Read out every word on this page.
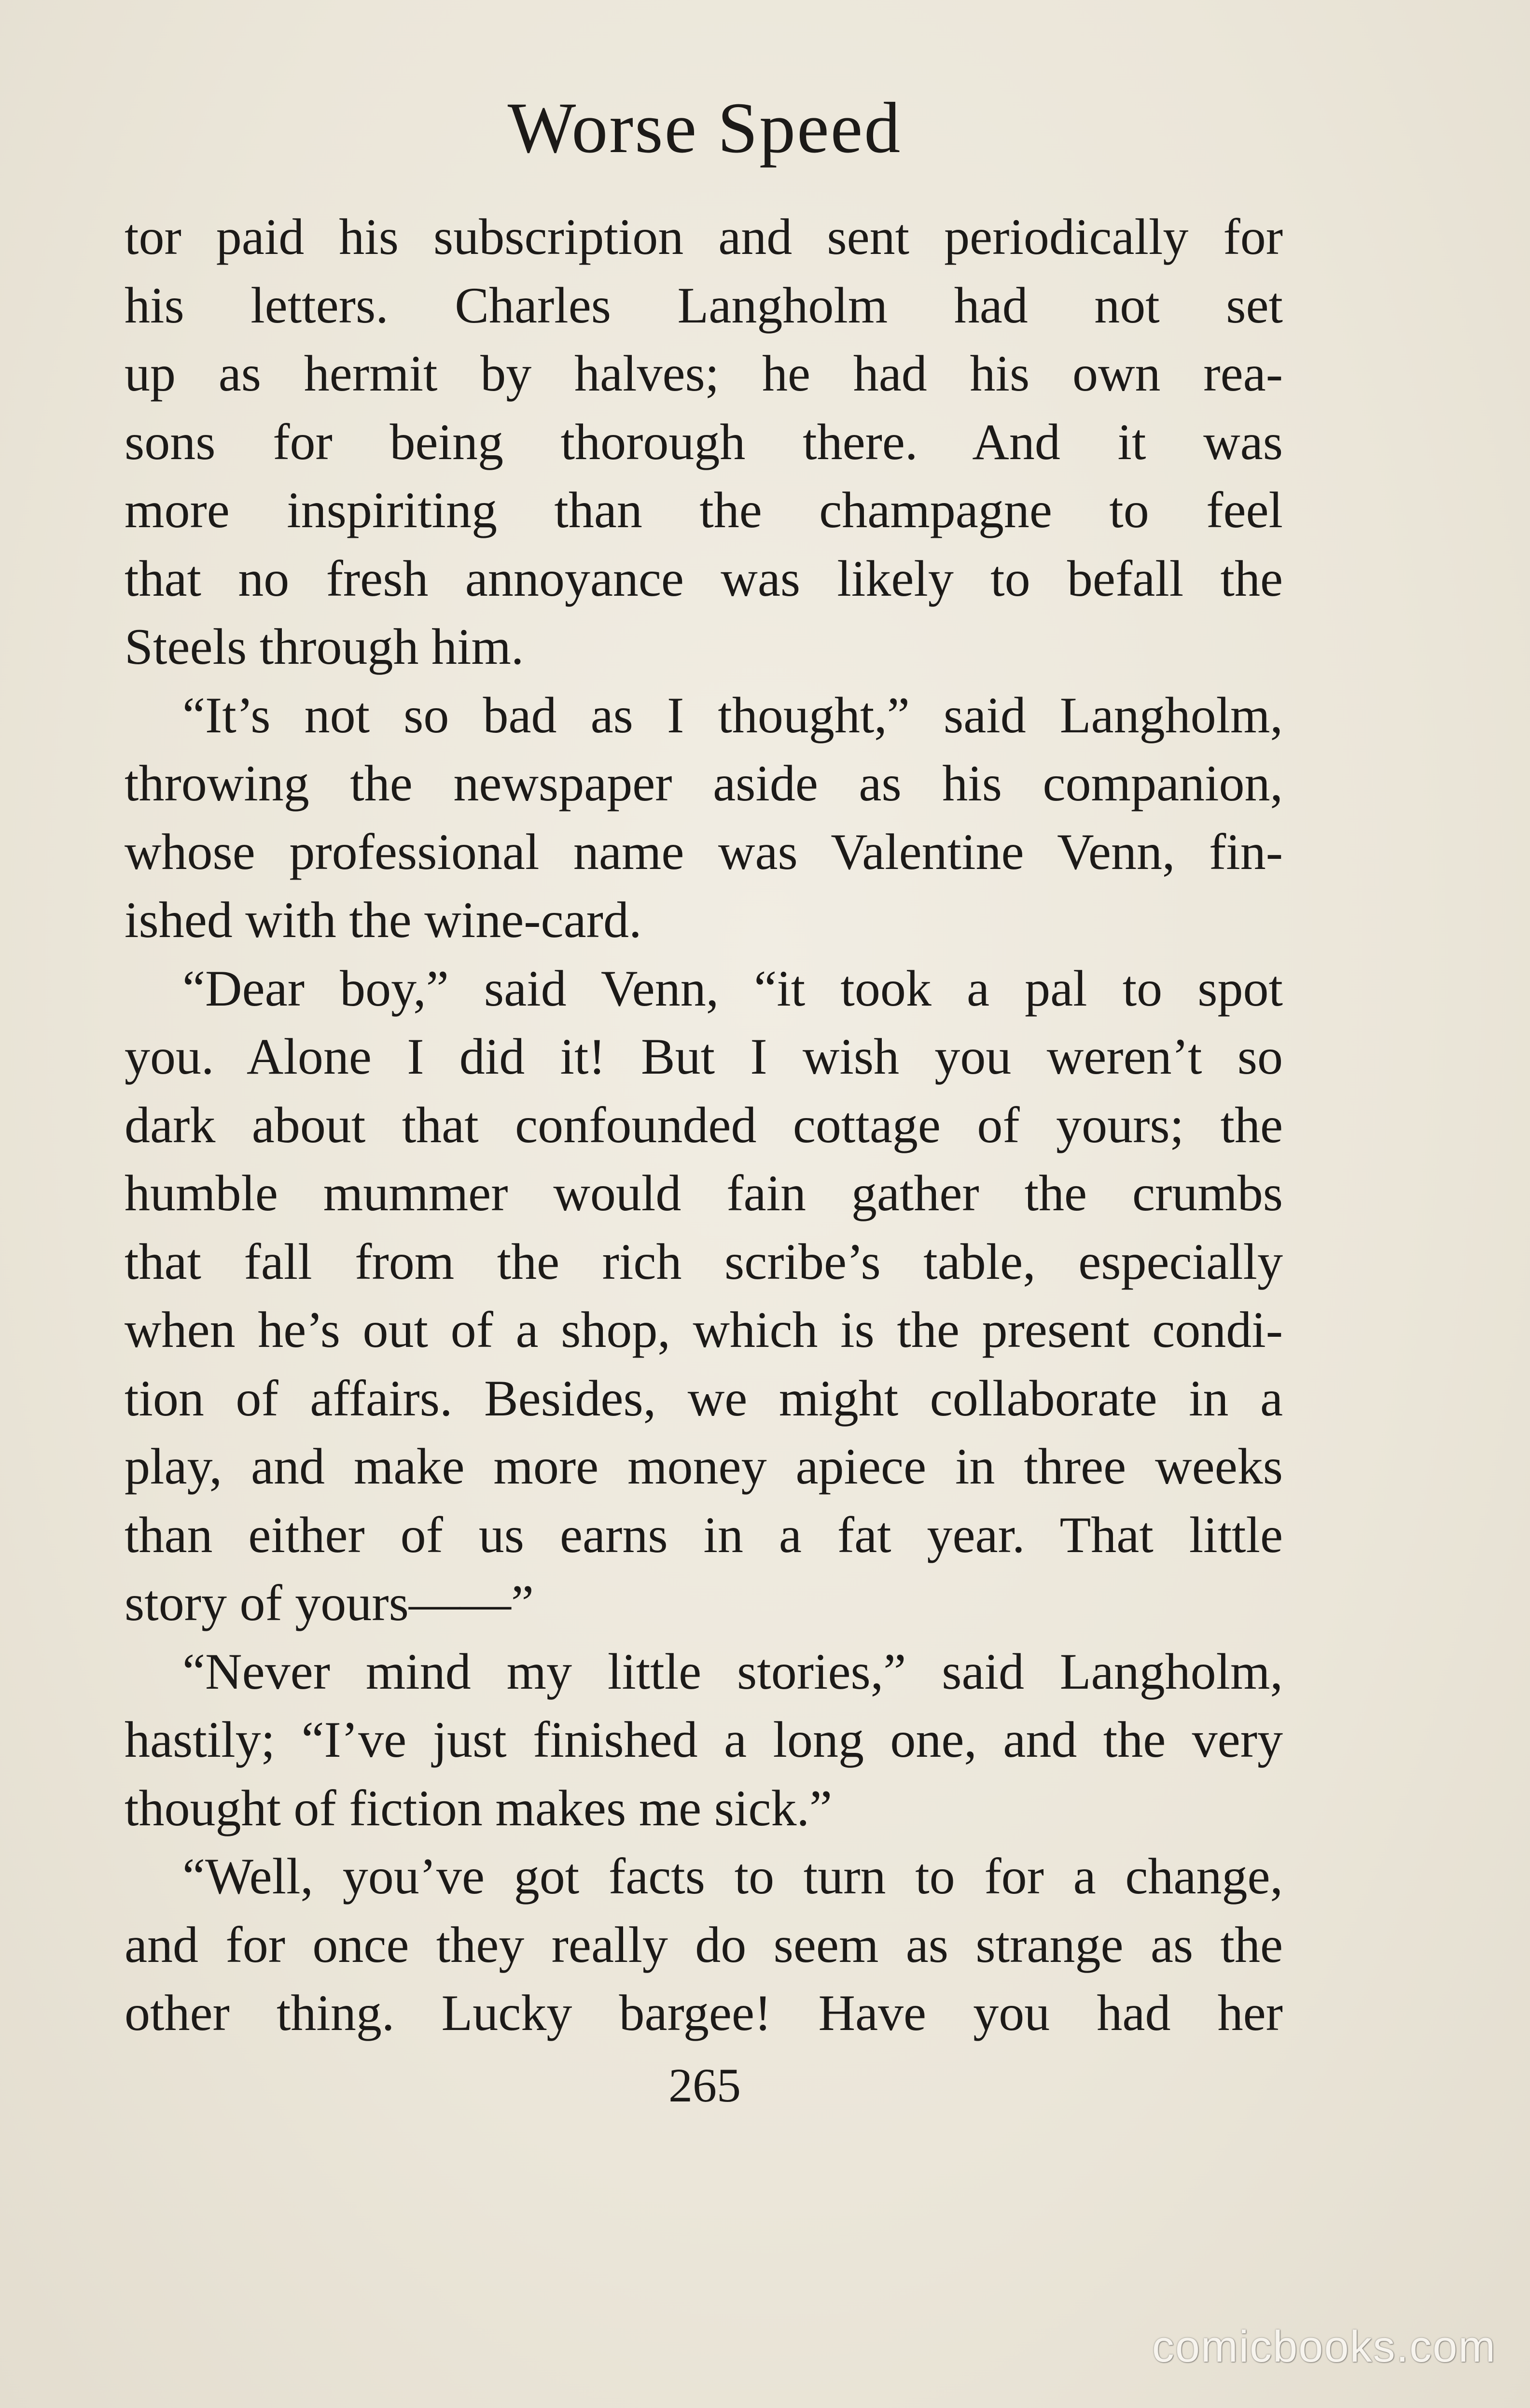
Worse Speed
tor paid his subscription and sent periodically for
his letters. Charles Langholm had not set
up as hermit by halves; he had his own rea-
sons for being thorough there. And it was
more inspiriting than the champagne to feel
that no fresh annoyance was likely to befall the
Steels through him.
“It’s not so bad as I thought,” said Langholm,
throwing the newspaper aside as his companion,
whose professional name was Valentine Venn, fin-
ished with the wine-card.
“Dear boy,” said Venn, “it took a pal to spot
you. Alone I did it! But I wish you weren’t so
dark about that confounded cottage of yours; the
humble mummer would fain gather the crumbs
that fall from the rich scribe’s table, especially
when he’s out of a shop, which is the present condi-
tion of affairs. Besides, we might collaborate in a
play, and make more money apiece in three weeks
than either of us earns in a fat year. That little
story of yours——”
“Never mind my little stories,” said Langholm,
hastily; “I’ve just finished a long one, and the very
thought of fiction makes me sick.”
“Well, you’ve got facts to turn to for a change,
and for once they really do seem as strange as the
other thing. Lucky bargee! Have you had her
265
comicbooks.com
